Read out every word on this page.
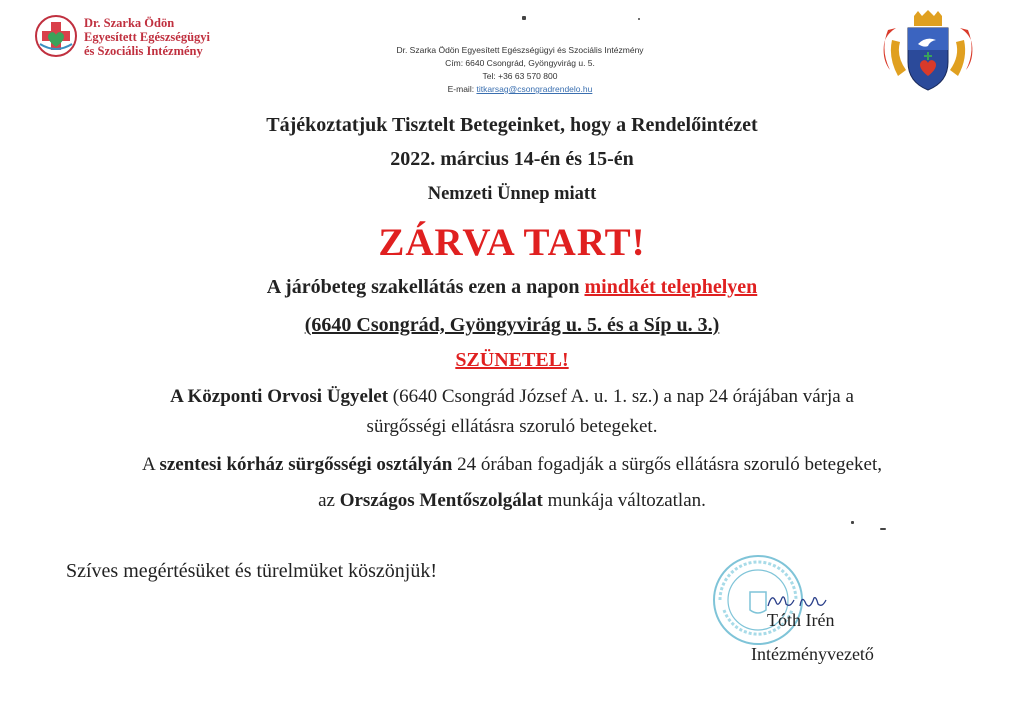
Dr. Szarka Ödön
Egyesített Egészségügyi
és Szociális Intézmény	Dr. Szarka Ödön Egyesített Egészségügyi és Szociális Intézmény
Cím: 6640 Csongrád, Gyöngyvirág u. 5.
Tel: +36 63 570 800
E-mail: titkarsag@csongradrendelo.hu
Tájékoztatjuk Tisztelt Betegeinket, hogy a Rendelőintézet
2022. március 14-én és 15-én
Nemzeti Ünnep miatt
ZÁRVA TART!
A járóbeteg szakellátás ezen a napon mindkét telephelyen
(6640 Csongrád, Gyöngyvirág u. 5. és a Síp u. 3.)
SZÜNETEL!
A Központi Orvosi Ügyelet (6640 Csongrád József A. u. 1. sz.) a nap 24 órájában várja a
sürgősségi ellátásra szoruló betegeket.
A szentesi kórház sürgősségi osztályán 24 órában fogadják a sürgős ellátásra szoruló betegeket,
az Országos Mentőszolgálat munkája változatlan.
Szíves megértésüket és türelmüket köszönjük!
Tóth Irén
Intézményvezető
